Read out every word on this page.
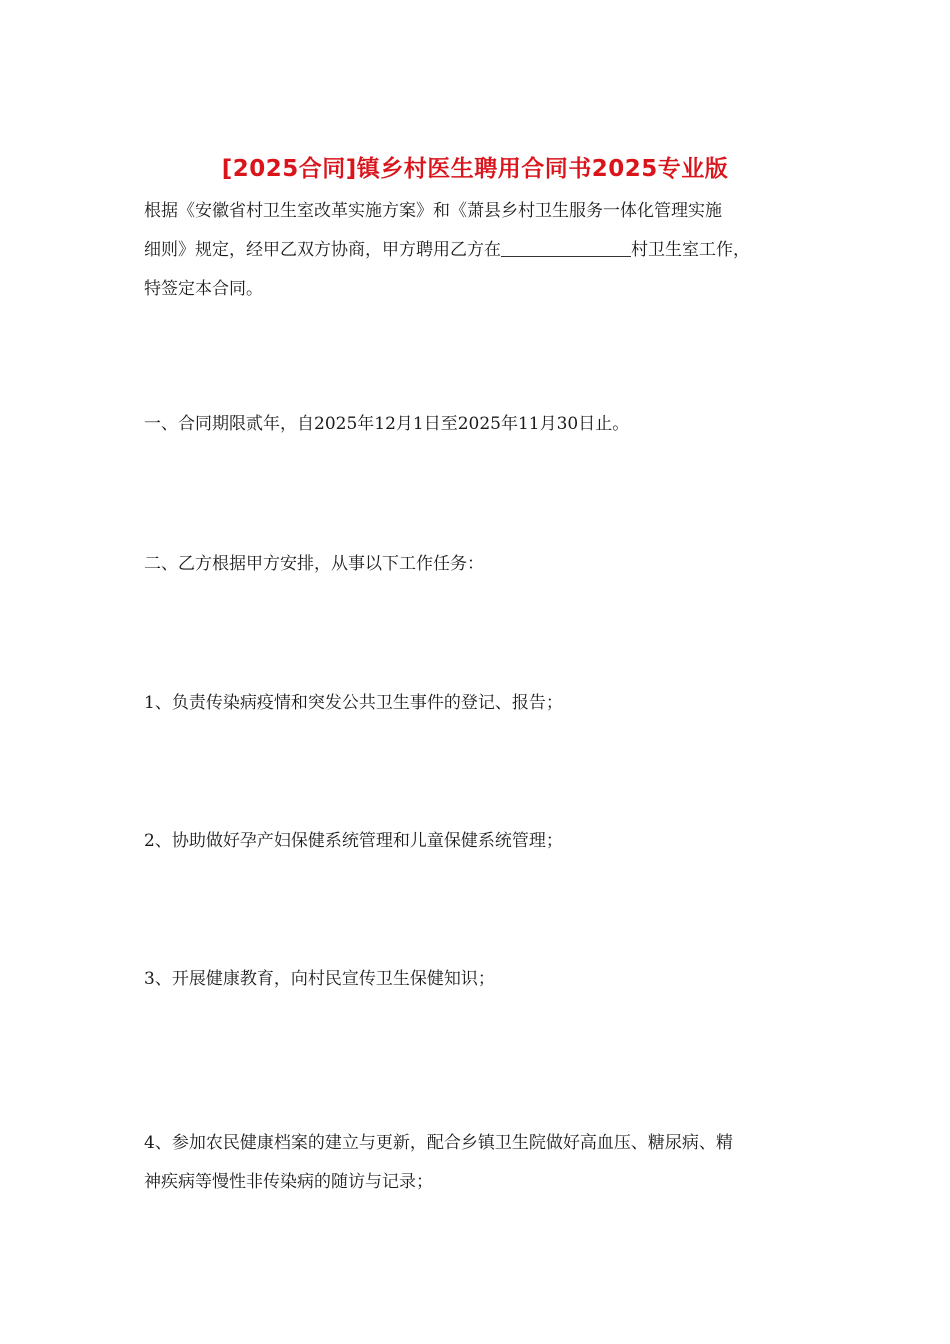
[2025合同]镇乡村医生聘用合同书2025专业版
根据《安徽省村卫生室改革实施方案》和《萧县乡村卫生服务一体化管理实施
细则》规定，经甲乙双方协商，甲方聘用乙方在	村卫生室工作，
特签定本合同。

一、合同期限贰年，自2025年12月1日至2025年11月30日止。

二、乙方根据甲方安排，从事以下工作任务：

1、负责传染病疫情和突发公共卫生事件的登记、报告；

2、协助做好孕产妇保健系统管理和儿童保健系统管理；

3、开展健康教育，向村民宣传卫生保健知识；

4、参加农民健康档案的建立与更新，配合乡镇卫生院做好高血压、糖尿病、精
神疾病等慢性非传染病的随访与记录；
